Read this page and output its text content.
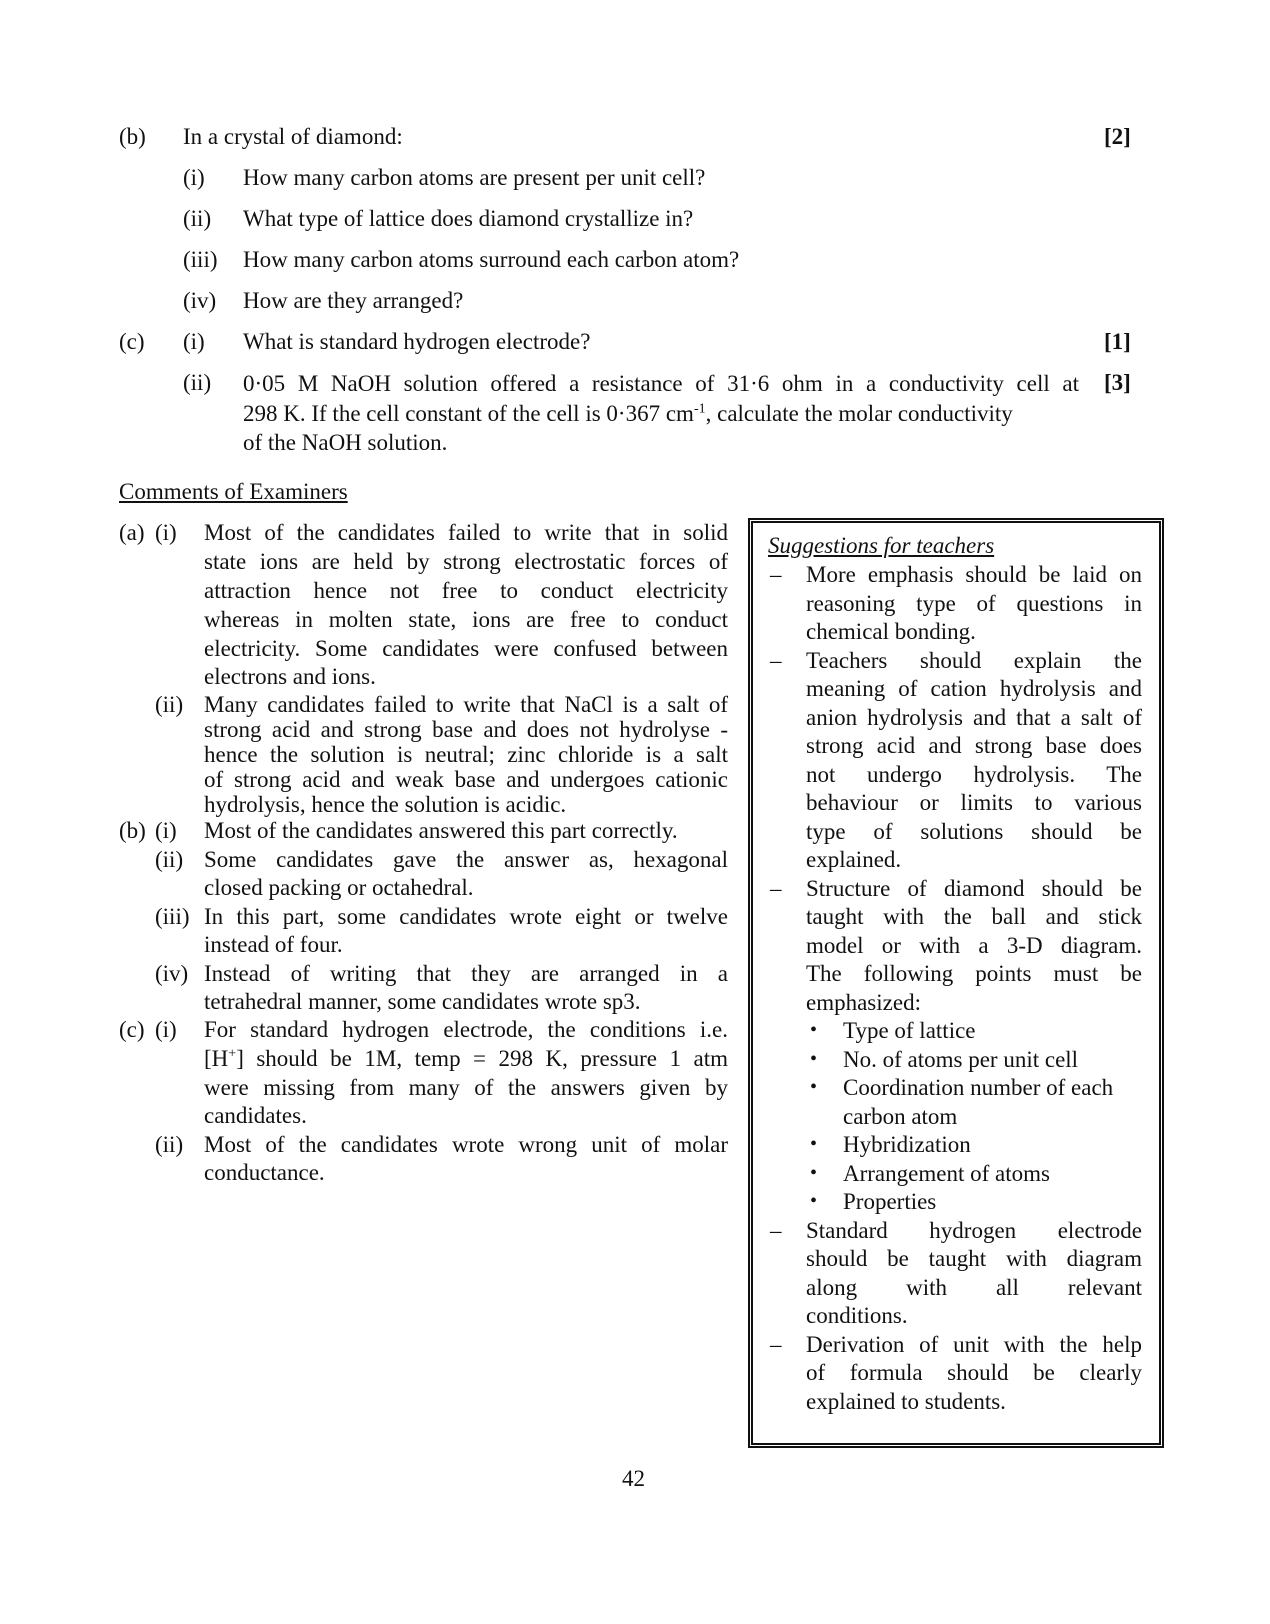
(b) In a crystal of diamond:	[2]
(i) How many carbon atoms are present per unit cell?
(ii) What type of lattice does diamond crystallize in?
(iii) How many carbon atoms surround each carbon atom?
(iv) How are they arranged?
(c) (i) What is standard hydrogen electrode?	[1]
(ii)	[3]
0·05 M NaOH solution offered a resistance of 31·6 ohm in a conductivity cell at
298 K. If the cell constant of the cell is 0·367 $cm^{-1}$, calculate the molar conductivity
of the NaOH solution.
Comments of Examiners
(a) (i) Most of the candidates failed to write that in solid
state ions are held by strong electrostatic forces of
attraction hence not free to conduct electricity
whereas in molten state, ions are free to conduct
electricity. Some candidates were confused between
electrons and ions.
(ii) Many candidates failed to write that NaCl is a salt of
strong acid and strong base and does not hydrolyse -
hence the solution is neutral; zinc chloride is a salt
of strong acid and weak base and undergoes cationic
hydrolysis, hence the solution is acidic.
(b) (i) Most of the candidates answered this part correctly.
(ii) Some candidates gave the answer as, hexagonal
closed packing or octahedral.
(iii) In this part, some candidates wrote eight or twelve
instead of four.
(iv) Instead of writing that they are arranged in a
tetrahedral manner, some candidates wrote sp3.
(c) (i) For standard hydrogen electrode, the conditions i.e.
[H+] should be 1M, temp = 298 K, pressure 1 atm
were missing from many of the answers given by
candidates.
(ii) Most of the candidates wrote wrong unit of molar
conductance.
Suggestions for teachers
– More emphasis should be laid on
reasoning type of questions in
chemical bonding.
– Teachers should explain the
meaning of cation hydrolysis and
anion hydrolysis and that a salt of
strong acid and strong base does
not undergo hydrolysis. The
behaviour or limits to various
type of solutions should be
explained.
– Structure of diamond should be
taught with the ball and stick
model or with a 3-D diagram.
The following points must be
emphasized:
• Type of lattice
• No. of atoms per unit cell
• Coordination number of each
carbon atom
• Hybridization
• Arrangement of atoms
• Properties
– Standard hydrogen electrode
should be taught with diagram
along with all relevant
conditions.
– Derivation of unit with the help
of formula should be clearly
explained to students.
42
